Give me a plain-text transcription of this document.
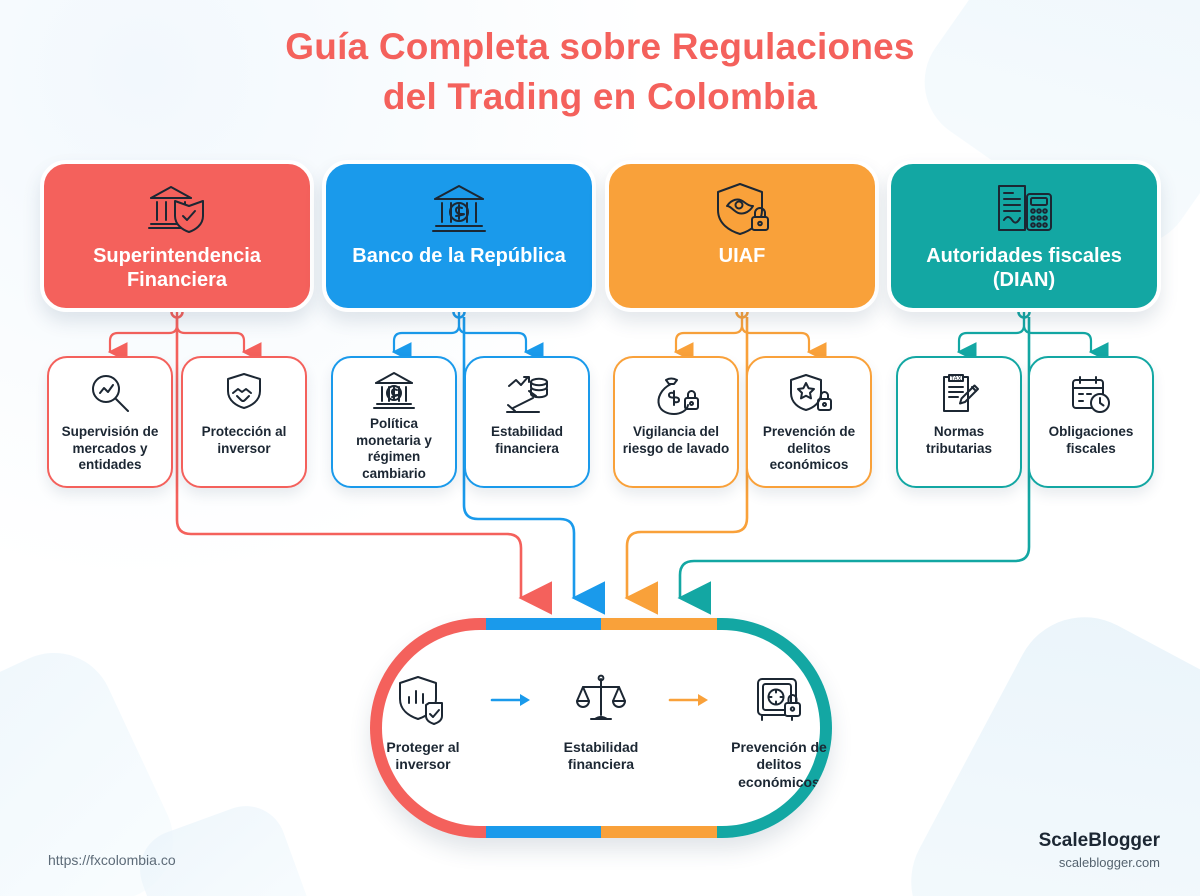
Guía Completa sobre Regulaciones
del Trading en Colombia
Superintendencia Financiera
Banco de la República	UIAF	Autoridades fiscales (DIAN)
Supervisión de mercados y entidades
Protección al inversor
Política monetaria y régimen cambiario
Estabilidad financiera
Vigilancia del riesgo de lavado
Prevención de delitos económicos
TAX
Normas tributarias
Obligaciones fiscales
Proteger al inversor
Estabilidad financiera
Prevención de delitos económicos
https://fxcolombia.co
ScaleBlogger
scaleblogger.com
